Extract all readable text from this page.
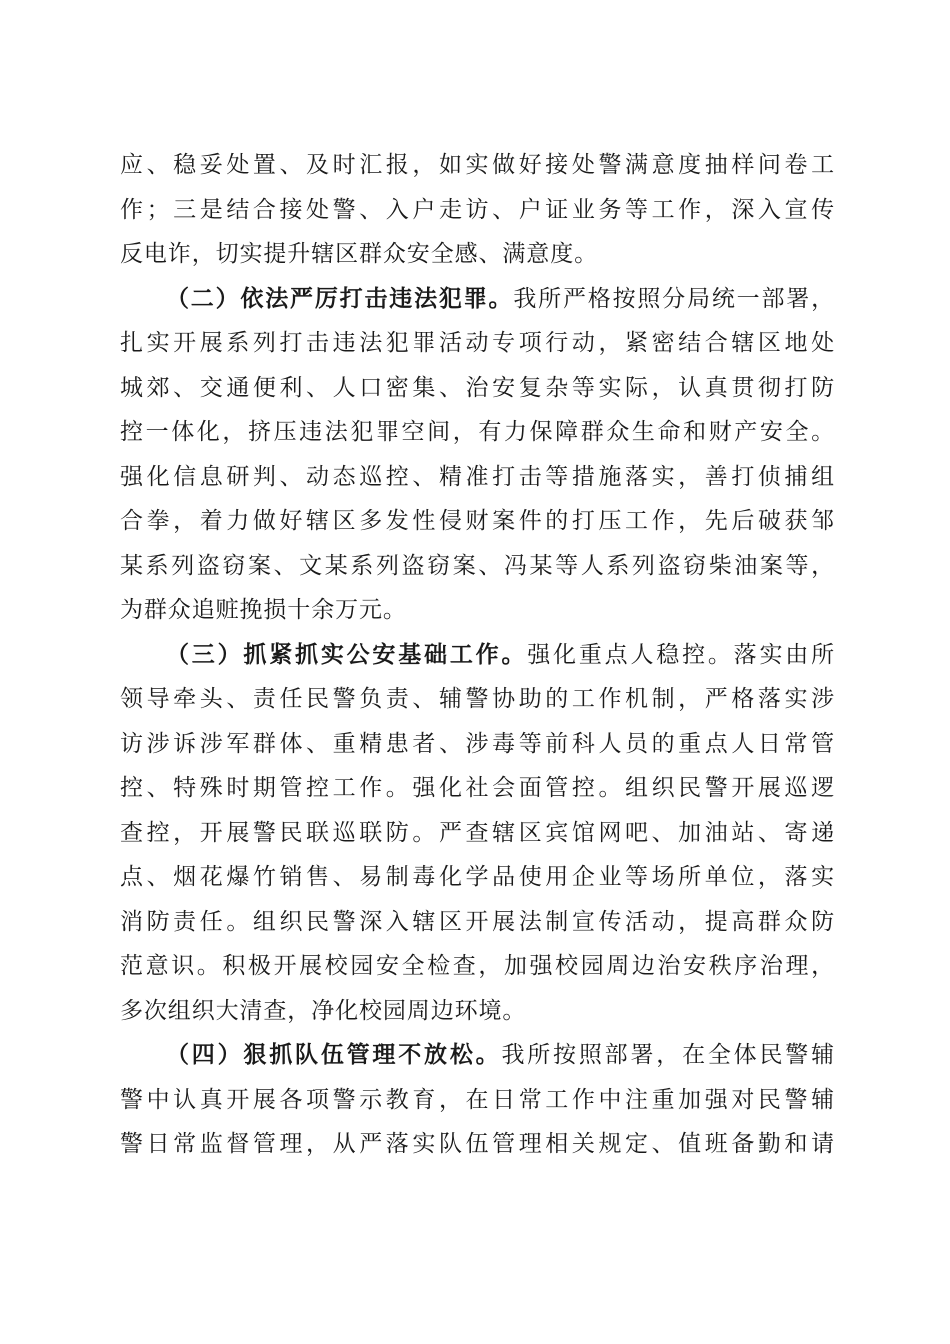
应、稳妥处置、及时汇报，如实做好接处警满意度抽样问卷工
作；三是结合接处警、入户走访、户证业务等工作，深入宣传
反电诈，切实提升辖区群众安全感、满意度。
（二）依法严厉打击违法犯罪。我所严格按照分局统一部署，
扎实开展系列打击违法犯罪活动专项行动，紧密结合辖区地处
城郊、交通便利、人口密集、治安复杂等实际，认真贯彻打防
控一体化，挤压违法犯罪空间，有力保障群众生命和财产安全。
强化信息研判、动态巡控、精准打击等措施落实，善打侦捕组
合拳，着力做好辖区多发性侵财案件的打压工作，先后破获邹
某系列盗窃案、文某系列盗窃案、冯某等人系列盗窃柴油案等，
为群众追赃挽损十余万元。
（三）抓紧抓实公安基础工作。强化重点人稳控。落实由所
领导牵头、责任民警负责、辅警协助的工作机制，严格落实涉
访涉诉涉军群体、重精患者、涉毒等前科人员的重点人日常管
控、特殊时期管控工作。强化社会面管控。组织民警开展巡逻
查控，开展警民联巡联防。严查辖区宾馆网吧、加油站、寄递
点、烟花爆竹销售、易制毒化学品使用企业等场所单位，落实
消防责任。组织民警深入辖区开展法制宣传活动，提高群众防
范意识。积极开展校园安全检查，加强校园周边治安秩序治理，
多次组织大清查，净化校园周边环境。
（四）狠抓队伍管理不放松。我所按照部署，在全体民警辅
警中认真开展各项警示教育，在日常工作中注重加强对民警辅
警日常监督管理，从严落实队伍管理相关规定、值班备勤和请
